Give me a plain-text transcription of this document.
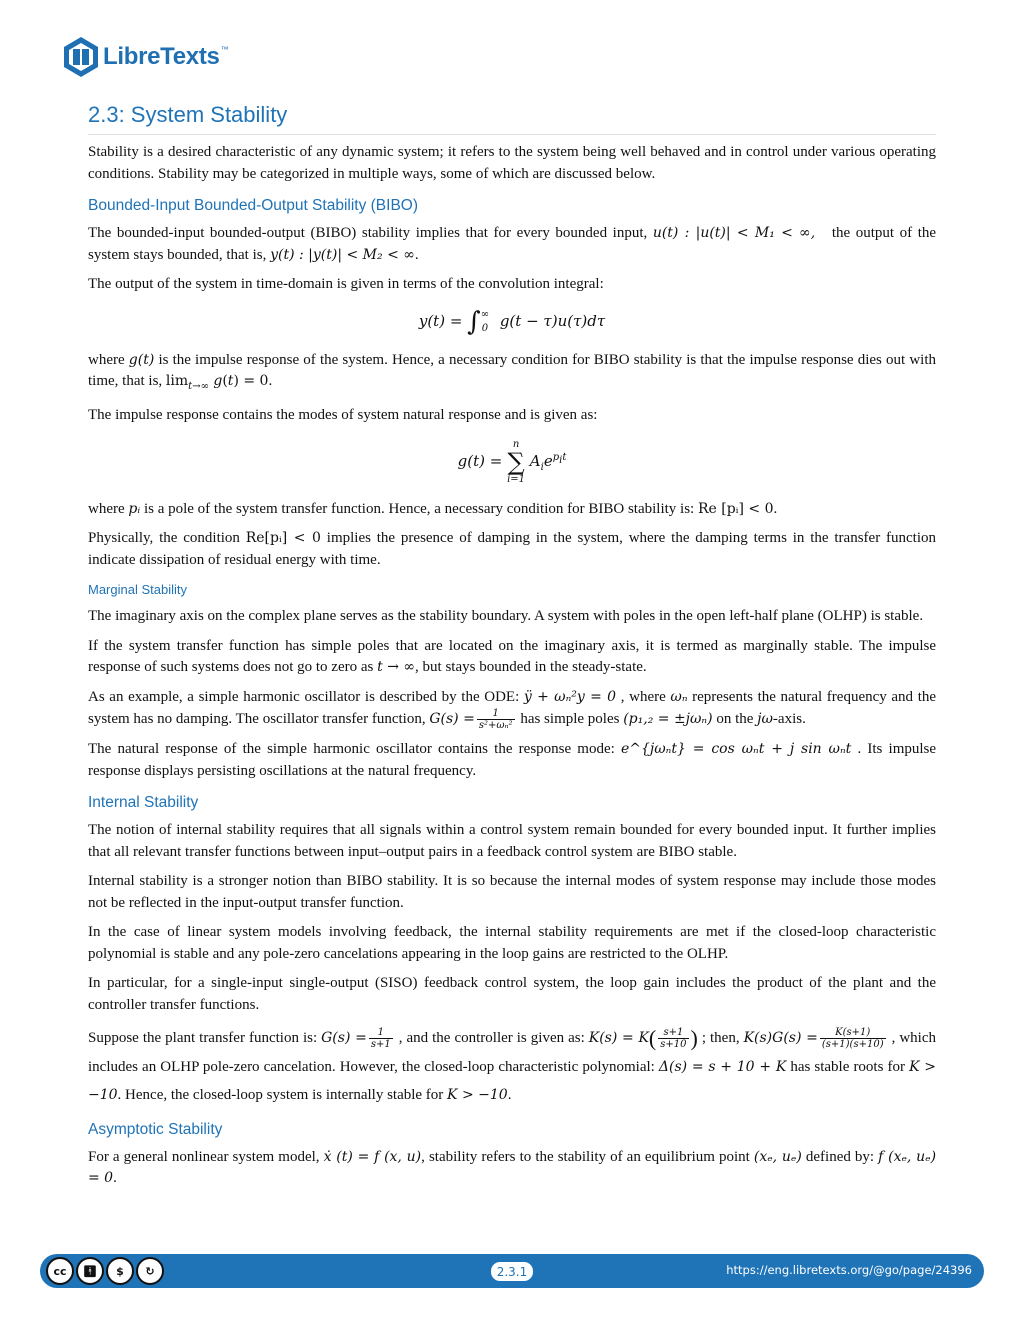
LibreTexts ™
2.3: System Stability

Stability is a desired characteristic of any dynamic system; it refers to the system being well behaved and in control under various operating conditions. Stability may be categorized in multiple ways, some of which are discussed below.

Bounded-Input Bounded-Output Stability (BIBO)

The bounded-input bounded-output (BIBO) stability implies that for every bounded input, u(t) : |u(t)| < M₁ < ∞, the output of the system stays bounded, that is, y(t) : |y(t)| < M₂ < ∞.

The output of the system in time-domain is given in terms of the convolution integral:

y(t) = ∫ ∞
0 g(t − τ)u(τ)dτ

where g(t) is the impulse response of the system. Hence, a necessary condition for BIBO stability is that the impulse response dies out with time, that is, $\lim_{t\to\infty} g(t) = 0$.

The impulse response contains the modes of system natural response and is given as:

g(t) =
n
∑
i=1
$A_ie^{p_it}$

where pᵢ is a pole of the system transfer function. Hence, a necessary condition for BIBO stability is: Re [pᵢ] < 0.

Physically, the condition Re[pᵢ] < 0 implies the presence of damping in the system, where the damping terms in the transfer function indicate dissipation of residual energy with time.

Marginal Stability

The imaginary axis on the complex plane serves as the stability boundary. A system with poles in the open left-half plane (OLHP) is stable.

If the system transfer function has simple poles that are located on the imaginary axis, it is termed as marginally stable. The impulse response of such systems does not go to zero as t → ∞, but stays bounded in the steady-state.

As an example, a simple harmonic oscillator is described by the ODE: ÿ + ωₙ²y = 0 , where ωₙ represents the natural frequency and the system has no damping. The oscillator transfer function, $G(s) = \frac{1}{\text{s²+ωₙ²}}$ has simple poles (p₁,₂ = ±jωₙ) on the jω-axis.

The natural response of the simple harmonic oscillator contains the response mode: e^{jωₙt} = cos ωₙt + j sin ωₙt . Its impulse response displays persisting oscillations at the natural frequency.

Internal Stability

The notion of internal stability requires that all signals within a control system remain bounded for every bounded input. It further implies that all relevant transfer functions between input–output pairs in a feedback control system are BIBO stable.

Internal stability is a stronger notion than BIBO stability. It is so because the internal modes of system response may include those modes not be reflected in the input-output transfer function.

In the case of linear system models involving feedback, the internal stability requirements are met if the closed-loop characteristic polynomial is stable and any pole-zero cancelations appearing in the loop gains are restricted to the OLHP.

In particular, for a single-input single-output (SISO) feedback control system, the loop gain includes the product of the plant and the controller transfer functions.

Suppose the plant transfer function is: $G(s) = \frac{1}{s+1}$ , and the controller is given as: $K(s) = K( \frac{s+1}{s+10}$ ) ; then, $K(s)G(s) = \frac{K(s+1)}{(s+1)(s+10)}$ , which includes an OLHP pole-zero cancelation. However, the closed-loop characteristic polynomial: Δ(s) = s + 10 + K has stable roots for K > −10. Hence, the closed-loop system is internally stable for K > −10.

Asymptotic Stability

For a general nonlinear system model, ẋ (t) = f (x, u), stability refers to the stability of an equilibrium point (xₑ, uₑ) defined by: f (xₑ, uₑ) = 0.

cc	🚹︎	$	↻	2.3.1	https://eng.libretexts.org/@go/page/24396
